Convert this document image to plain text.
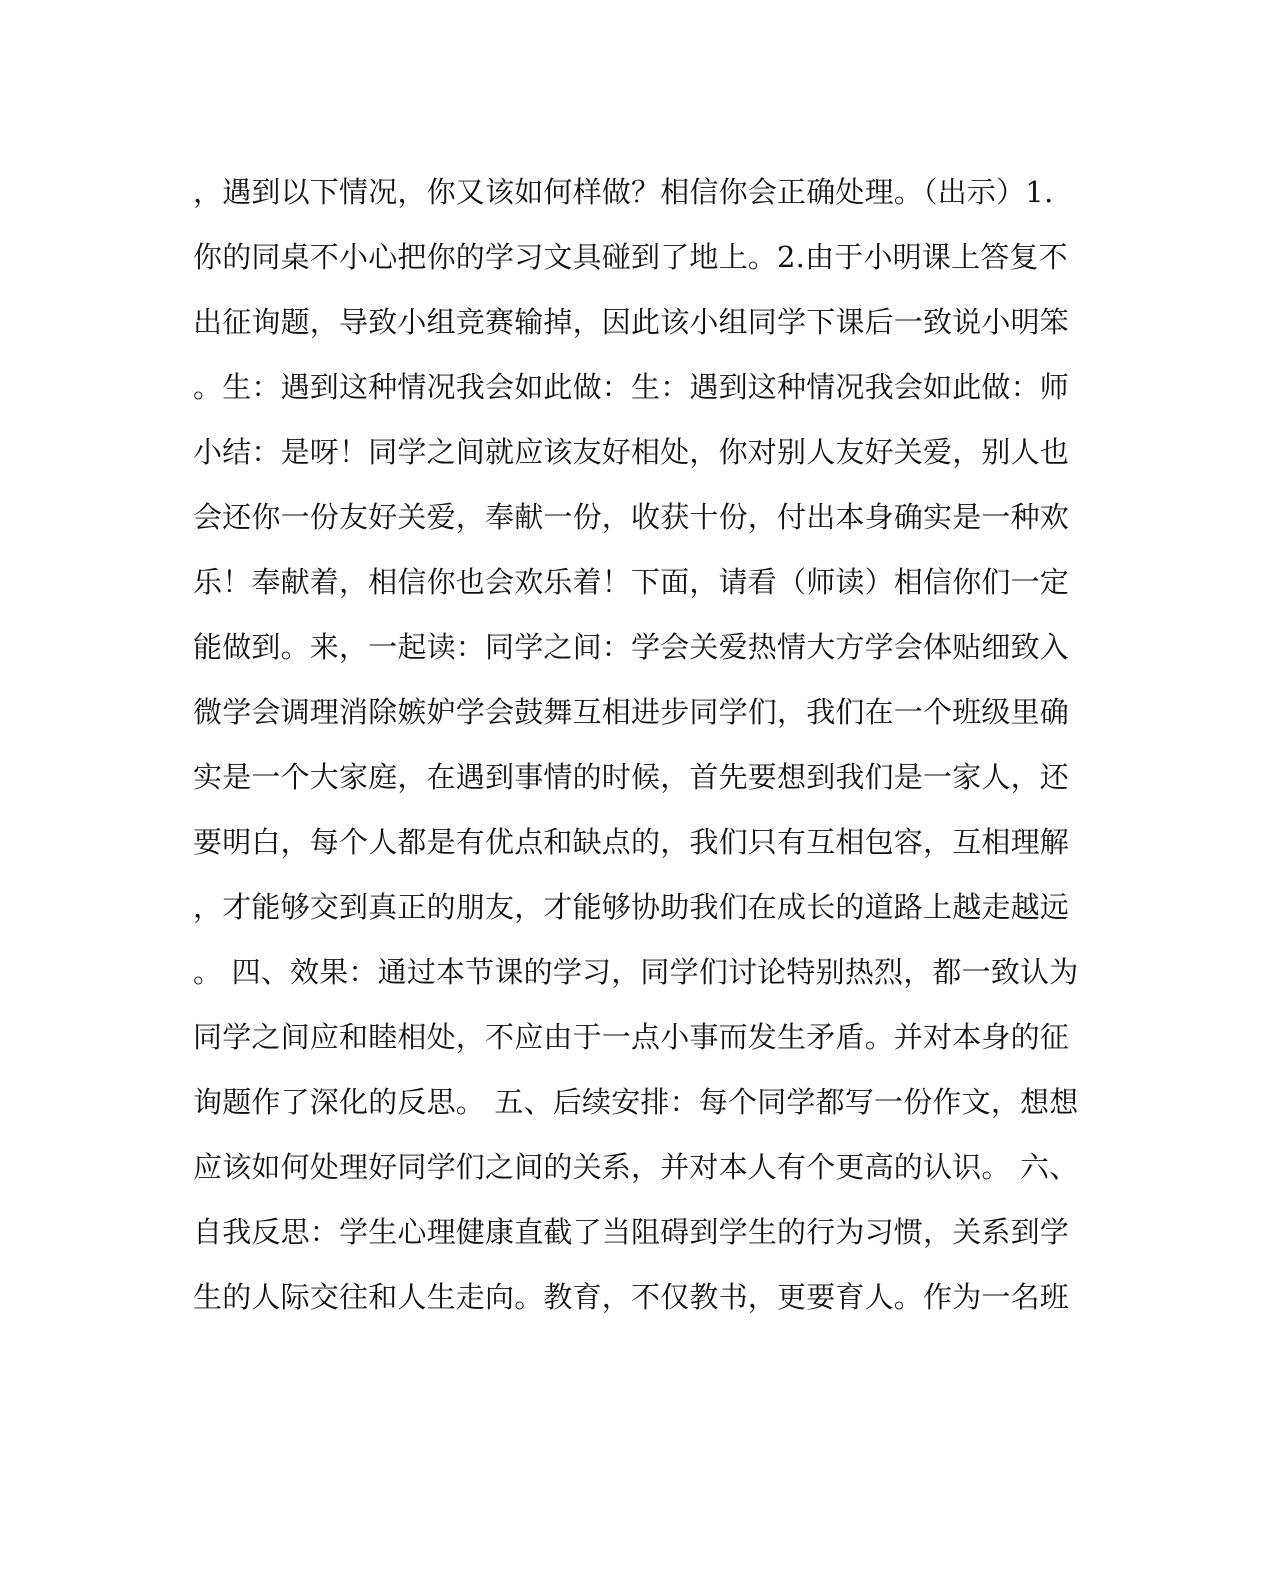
，遇到以下情况，你又该如何样做？相信你会正确处理。（出示）1.
你的同桌不小心把你的学习文具碰到了地上。2.由于小明课上答复不
出征询题，导致小组竞赛输掉，因此该小组同学下课后一致说小明笨
。生：遇到这种情况我会如此做：生：遇到这种情况我会如此做：师
小结：是呀！同学之间就应该友好相处，你对别人友好关爱，别人也
会还你一份友好关爱，奉献一份，收获十份，付出本身确实是一种欢
乐！奉献着，相信你也会欢乐着！下面，请看（师读）相信你们一定
能做到。来，一起读：同学之间：学会关爱热情大方学会体贴细致入
微学会调理消除嫉妒学会鼓舞互相进步同学们，我们在一个班级里确
实是一个大家庭，在遇到事情的时候，首先要想到我们是一家人，还
要明白，每个人都是有优点和缺点的，我们只有互相包容，互相理解
，才能够交到真正的朋友，才能够协助我们在成长的道路上越走越远
。 四、效果：通过本节课的学习，同学们讨论特别热烈，都一致认为
同学之间应和睦相处，不应由于一点小事而发生矛盾。并对本身的征
询题作了深化的反思。 五、后续安排：每个同学都写一份作文，想想
应该如何处理好同学们之间的关系，并对本人有个更高的认识。 六、
自我反思：学生心理健康直截了当阻碍到学生的行为习惯，关系到学
生的人际交往和人生走向。教育，不仅教书，更要育人。作为一名班
